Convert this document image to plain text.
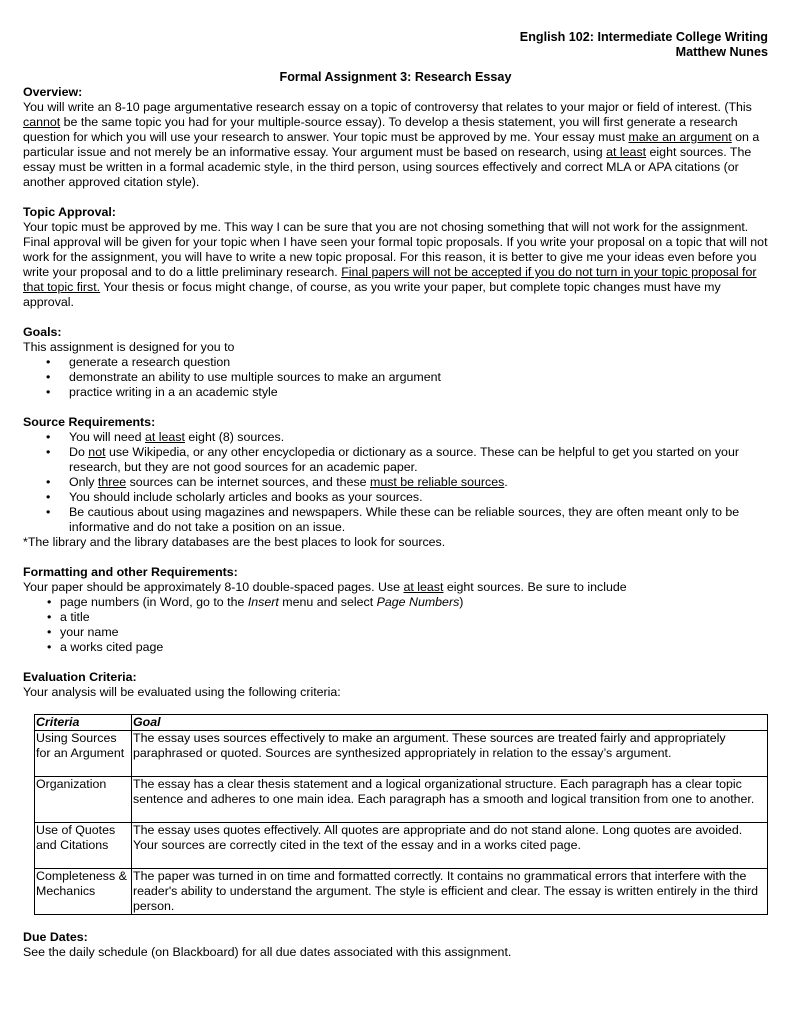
English 102: Intermediate College Writing
Matthew Nunes
Formal Assignment 3: Research Essay
Overview:

You will write an 8-10 page argumentative research essay on a topic of controversy that relates to your major or field of interest. (This cannot be the same topic you had for your multiple-source essay). To develop a thesis statement, you will first generate a research question for which you will use your research to answer. Your topic must be approved by me. Your essay must make an argument on a particular issue and not merely be an informative essay. Your argument must be based on research, using at least eight sources. The essay must be written in a formal academic style, in the third person, using sources effectively and correct MLA or APA citations (or another approved citation style).

Topic Approval:

Your topic must be approved by me. This way I can be sure that you are not chosing something that will not work for the assignment. Final approval will be given for your topic when I have seen your formal topic proposals. If you write your proposal on a topic that will not work for the assignment, you will have to write a new topic proposal. For this reason, it is better to give me your ideas even before you write your proposal and to do a little preliminary research. Final papers will not be accepted if you do not turn in your topic proposal for that topic first. Your thesis or focus might change, of course, as you write your paper, but complete topic changes must have my approval.

Goals:

This assignment is designed for you to

• generate a research question
• demonstrate an ability to use multiple sources to make an argument
• practice writing in a an academic style
Source Requirements:
• You will need at least eight (8) sources.
• Do not use Wikipedia, or any other encyclopedia or dictionary as a source. These can be helpful to get you started on your research, but they are not good sources for an academic paper.
• Only three sources can be internet sources, and these must be reliable sources.
• You should include scholarly articles and books as your sources.
• Be cautious about using magazines and newspapers. While these can be reliable sources, they are often meant only to be informative and do not take a position on an issue.

*The library and the library databases are the best places to look for sources.

Formatting and other Requirements:

Your paper should be approximately 8-10 double-spaced pages. Use at least eight sources. Be sure to include

• page numbers (in Word, go to the Insert menu and select Page Numbers)
• a title
• your name
• a works cited page
Evaluation Criteria:

Your analysis will be evaluated using the following criteria:

Criteria	Goal
Using Sources for an Argument	The essay uses sources effectively to make an argument. These sources are treated fairly and appropriately paraphrased or quoted. Sources are synthesized appropriately in relation to the essay’s argument.
Organization	The essay has a clear thesis statement and a logical organizational structure. Each paragraph has a clear topic sentence and adheres to one main idea. Each paragraph has a smooth and logical transition from one to another.
Use of Quotes and Citations	The essay uses quotes effectively. All quotes are appropriate and do not stand alone. Long quotes are avoided. Your sources are correctly cited in the text of the essay and in a works cited page.
Completeness & Mechanics	The paper was turned in on time and formatted correctly. It contains no grammatical errors that interfere with the reader's ability to understand the argument. The style is efficient and clear. The essay is written entirely in the third person.
Due Dates:

See the daily schedule (on Blackboard) for all due dates associated with this assignment.
